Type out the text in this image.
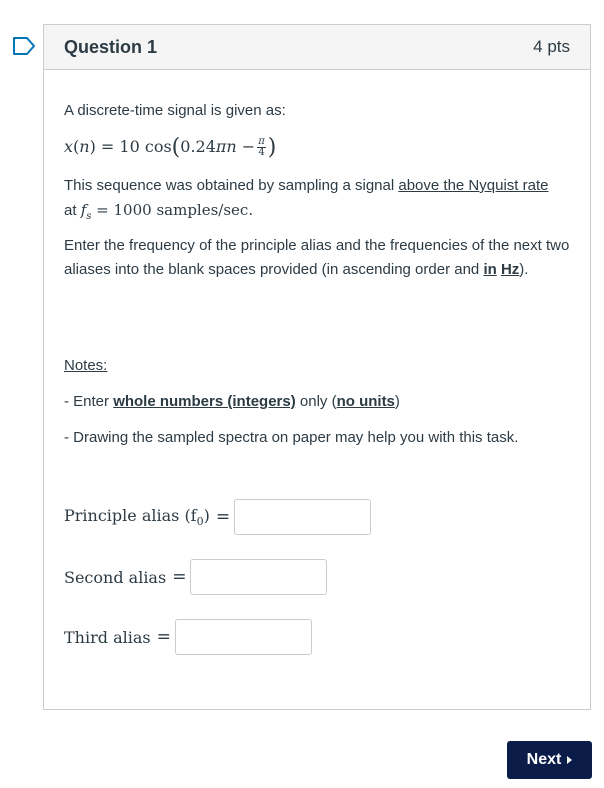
Question 1	4 pts

A discrete-time signal is given as:

x(n) = 10 $\cos(0.24\pi n - \frac{\pi}{4}$ )

This sequence was obtained by sampling a signal above the Nyquist rate
at $f_s = 1000$ samples/sec.

Enter the frequency of the principle alias and the frequencies of the next two aliases into the blank spaces provided (in ascending order and in Hz).

Notes:

- Enter whole numbers (integers) only (no units)

- Drawing the sampled spectra on paper may help you with this task.

Principle alias $(f_0)$ =
Second alias =
Third alias =
Next
